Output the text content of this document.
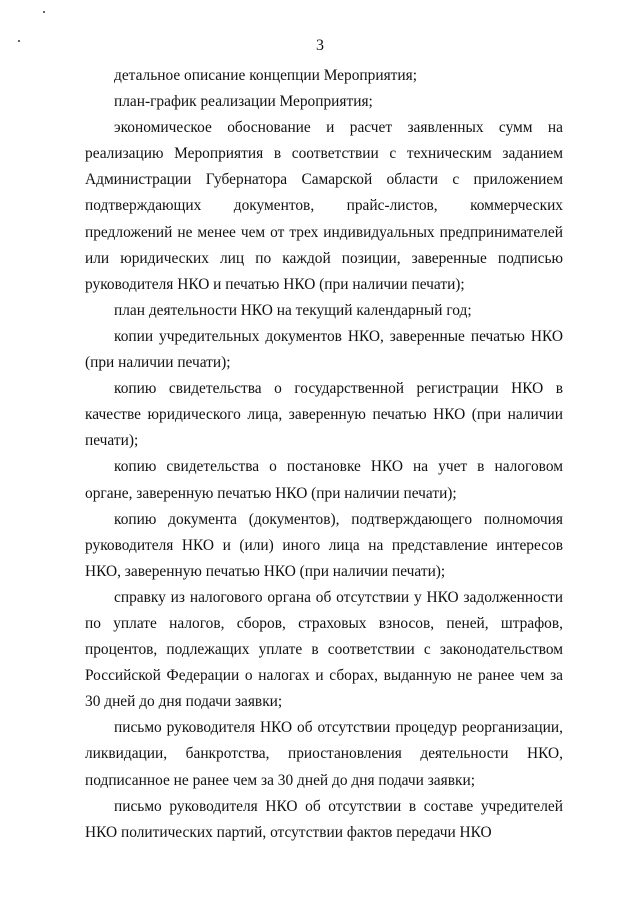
3

детальное описание концепции Мероприятия;

план-график реализации Мероприятия;

экономическое обоснование и расчет заявленных сумм на реализацию Мероприятия в соответствии с техническим заданием Администрации Губернатора Самарской области с приложением подтверждающих документов, прайс-листов, коммерческих предложений не менее чем от трех индивидуальных предпринимателей или юридических лиц по каждой позиции, заверенные подписью руководителя НКО и печатью НКО (при наличии печати);

план деятельности НКО на текущий календарный год;

копии учредительных документов НКО, заверенные печатью НКО (при наличии печати);

копию свидетельства о государственной регистрации НКО в качестве юридического лица, заверенную печатью НКО (при наличии печати);

копию свидетельства о постановке НКО на учет в налоговом органе, заверенную печатью НКО (при наличии печати);

копию документа (документов), подтверждающего полномочия руководителя НКО и (или) иного лица на представление интересов НКО, заверенную печатью НКО (при наличии печати);

справку из налогового органа об отсутствии у НКО задолженности по уплате налогов, сборов, страховых взносов, пеней, штрафов, процентов, подлежащих уплате в соответствии с законодательством Российской Федерации о налогах и сборах, выданную не ранее чем за 30 дней до дня подачи заявки;

письмо руководителя НКО об отсутствии процедур реорганизации, ликвидации, банкротства, приостановления деятельности НКО, подписанное не ранее чем за 30 дней до дня подачи заявки;

письмо руководителя НКО об отсутствии в составе учредителей НКО политических партий, отсутствии фактов передачи НКО
